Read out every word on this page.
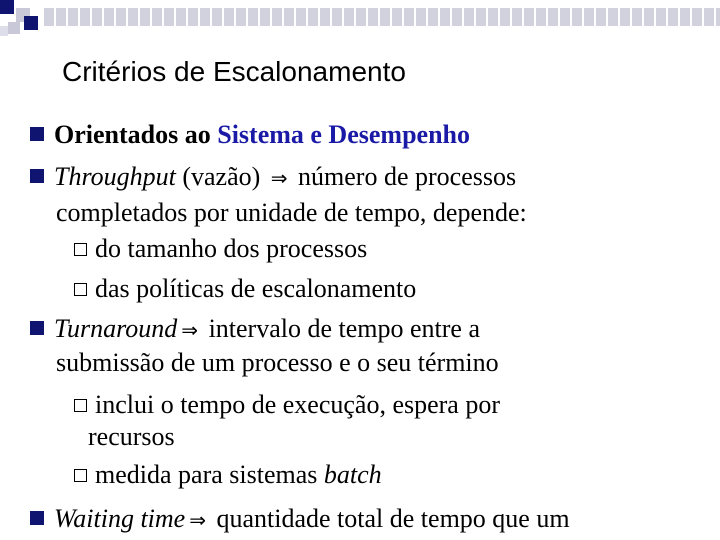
Critérios de Escalonamento
Orientados ao Sistema e Desempenho
Throughput (vazão) ⇒ número de processos
completados por unidade de tempo, depende:
do tamanho dos processos
das políticas de escalonamento
Turnaround ⇒ intervalo de tempo entre a
submissão de um processo e o seu término
inclui o tempo de execução, espera por
recursos
medida para sistemas batch
Waiting time ⇒ quantidade total de tempo que um
